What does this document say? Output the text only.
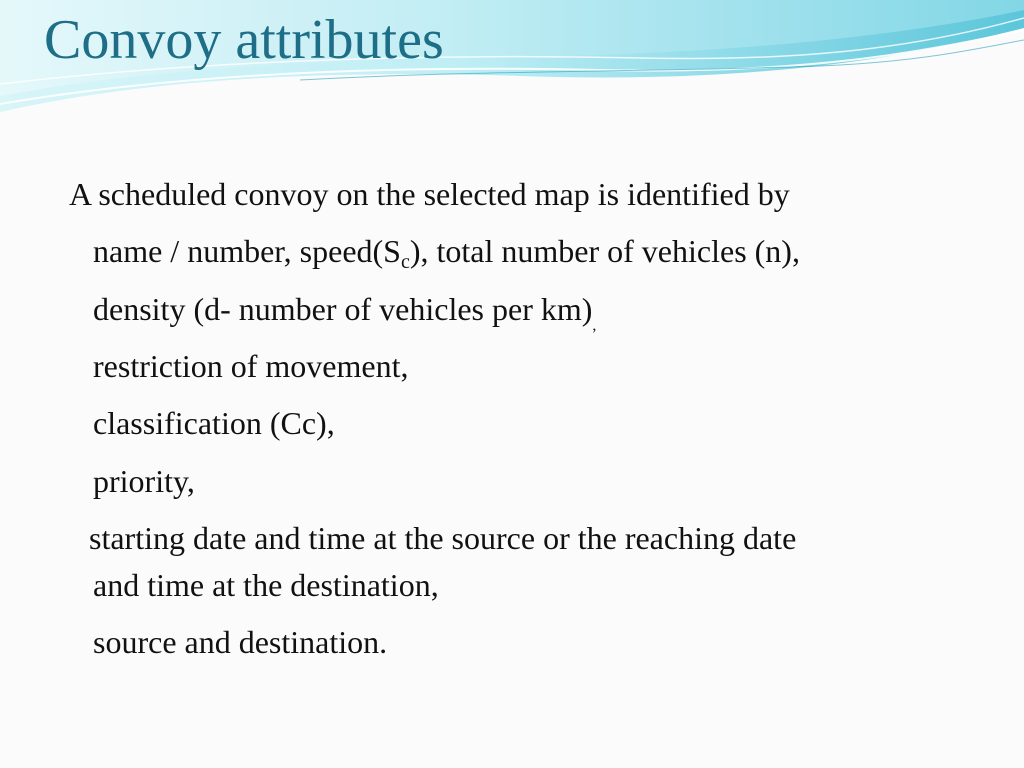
Convoy attributes

A scheduled convoy on the selected map is identified by

name / number, $speed(S_c)$, total number of vehicles (n),

density (d- number of vehicles per $km)_,$

restriction of movement,

classification (Cc),

priority,

starting date and time at the source or the reaching date

and time at the destination,

source and destination.
